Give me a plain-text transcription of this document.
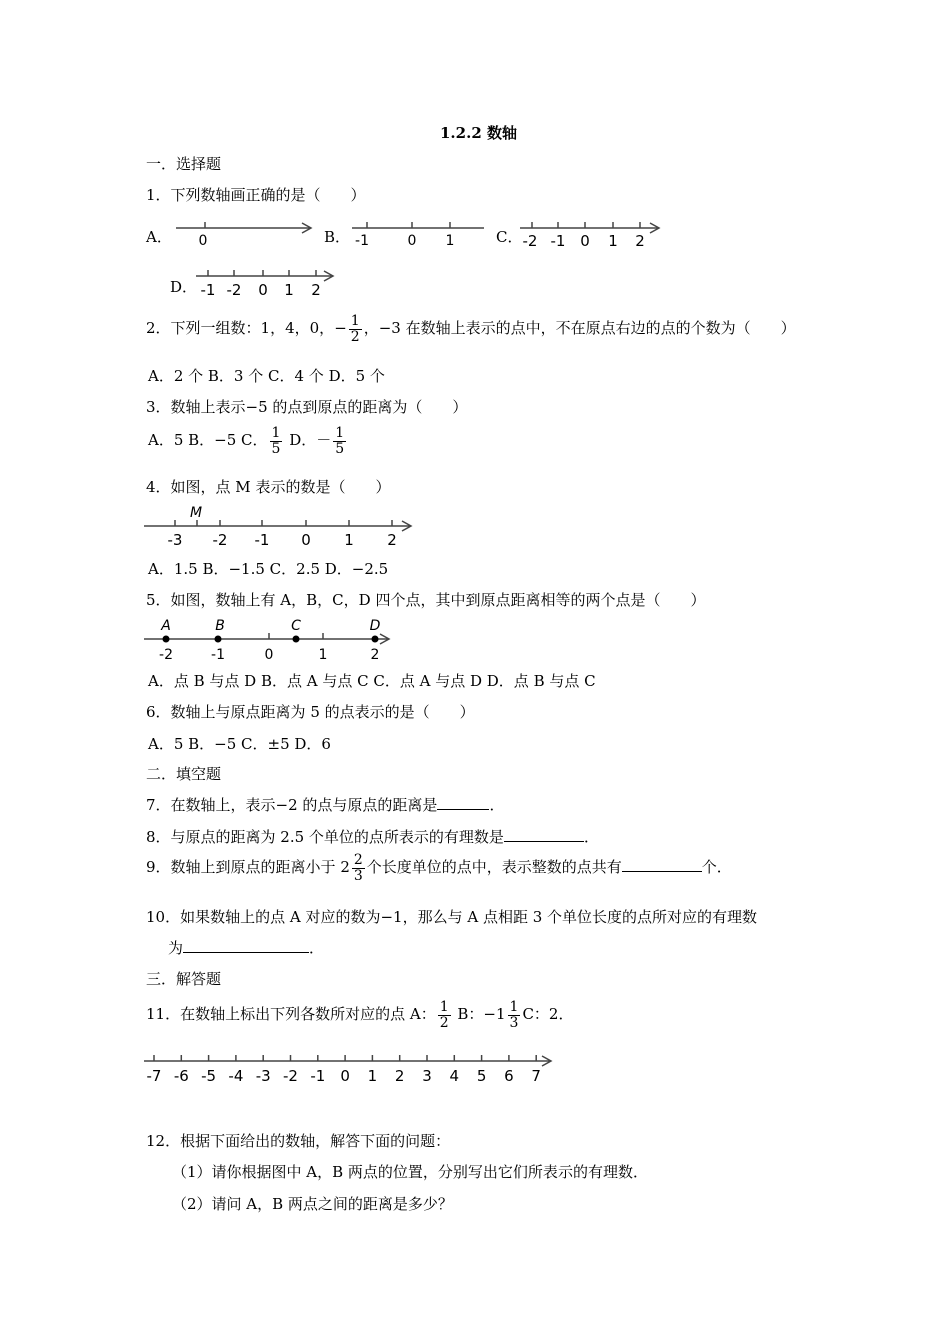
1.2.2 数轴
一．选择题
1．下列数轴画正确的是（　　）
A． 0	B． -1	0 1	C． -2 -1 0 1 2
D． -1 -2 0 1 2
2．下列一组数：1，4，0，− $\frac{1}{2}$ ，−3 在数轴上表示的点中，不在原点右边的点的个数为（　　）
A．2 个 B．3 个 C．4 个 D．5 个
3．数轴上表示−5 的点到原点的距离为（　　）
A．5 B．−5 C． $\frac{1}{5}$ D．－ $\frac{1}{5}$
4．如图，点 M 表示的数是（　　）
M
-3 -2 -1 0 1 2
A．1.5 B．−1.5 C．2.5 D．−2.5
5．如图，数轴上有 A，B，C，D 四个点，其中到原点距离相等的两个点是（　　）
A	B	C	D
-2	-1	0	1	2
A．点 B 与点 D B．点 A 与点 C C．点 A 与点 D D．点 B 与点 C
6．数轴上与原点距离为 5 的点表示的是（　　）
A．5 B．−5 C．±5 D．6
二．填空题
7．在数轴上，表示−2 的点与原点的距离是	．
8．与原点的距离为 2.5 个单位的点所表示的有理数是	．
9．数轴上到原点的距离小于 $2 \frac{2}{3}$ 个长度单位的点中，表示整数的点共有	个．
10．如果数轴上的点 A 对应的数为−1，那么与 A 点相距 3 个单位长度的点所对应的有理数
为	．
三．解答题
11．在数轴上标出下列各数所对应的点 A： $\frac{1}{2}$ B：$-1 \frac{1}{3}$ C：2．
-7 -6 -5 -4 -3 -2 -1 0 1 2 3 4 5 6 7
12．根据下面给出的数轴，解答下面的问题：
（1）请你根据图中 A，B 两点的位置，分别写出它们所表示的有理数．
（2）请问 A，B 两点之间的距离是多少？
